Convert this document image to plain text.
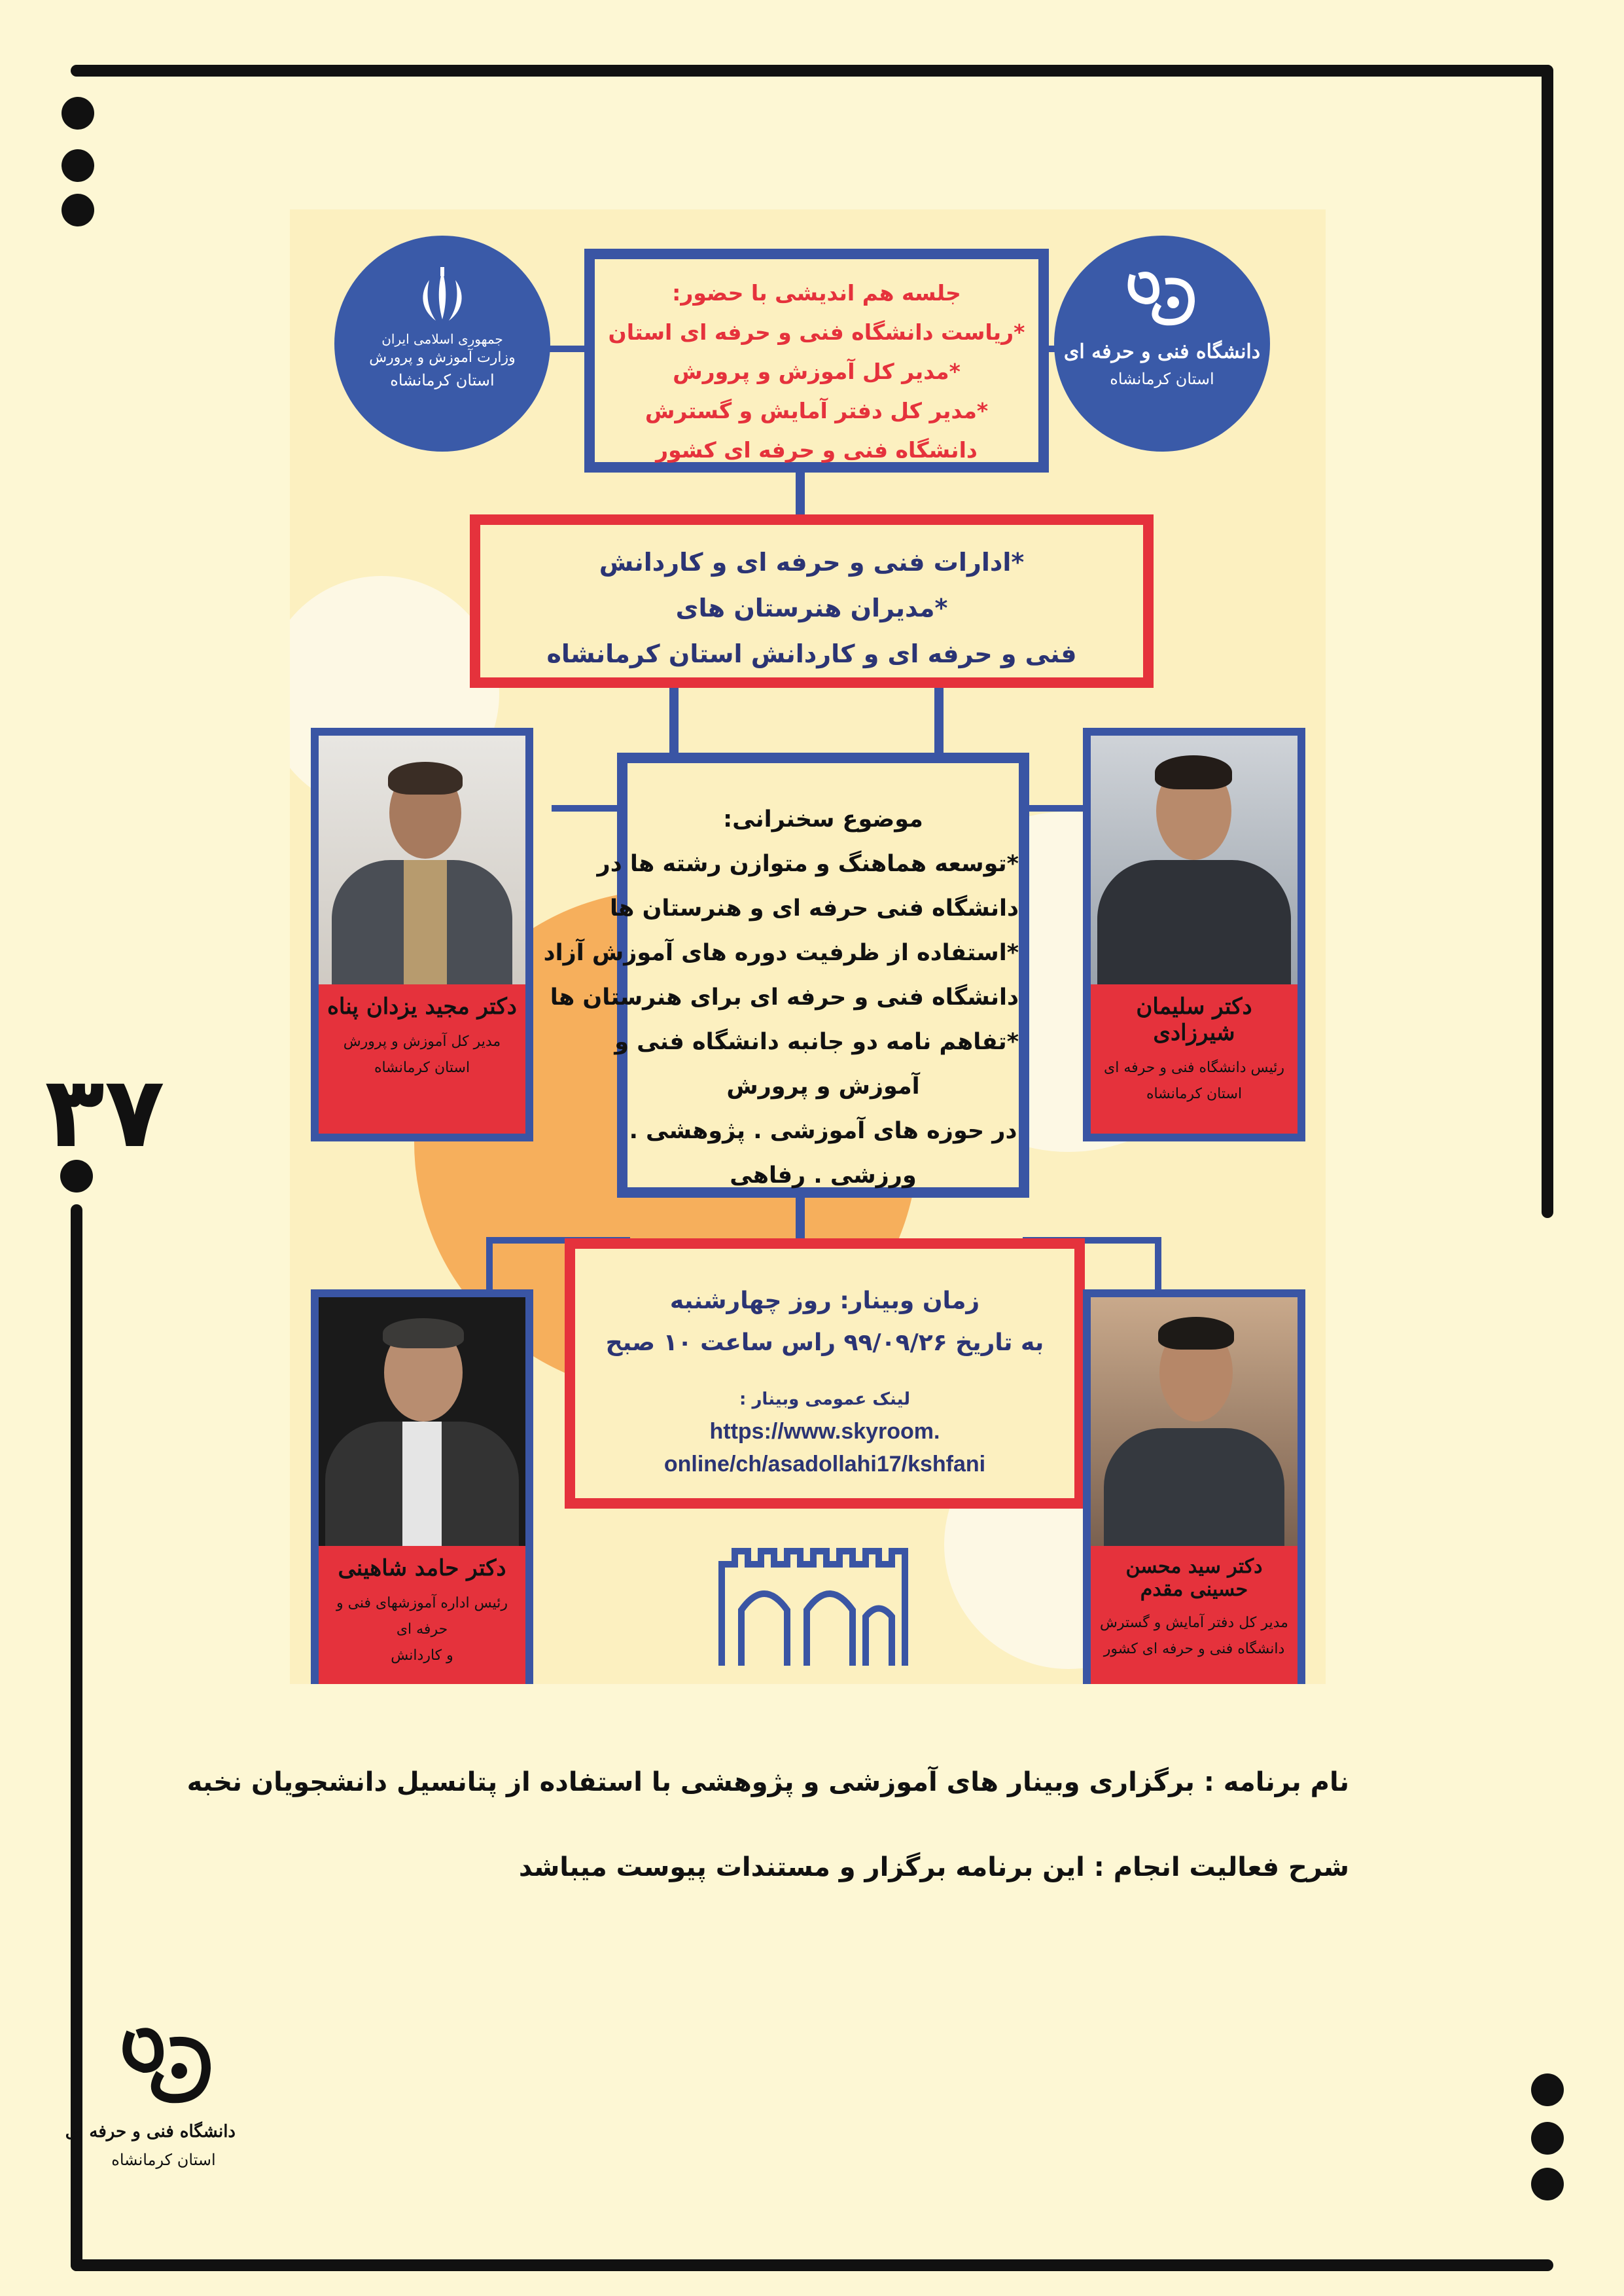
۳۷
جمهوری اسلامی ایران
وزارت آموزش و پرورش
استان کرمانشاه
دانشگاه فنی و حرفه ای
استان کرمانشاه
جلسه هم اندیشی با حضور:
*ریاست دانشگاه فنی و حرفه ای استان
*مدیر کل آموزش و پرورش
*مدیر کل دفتر آمایش و گسترش
دانشگاه فنی و حرفه ای کشور
*ادارات فنی و حرفه ای و کاردانش
*مدیران هنرستان های
فنی و حرفه ای و کاردانش استان کرمانشاه
موضوع سخنرانی:
*توسعه هماهنگ و متوازن رشته ها در
دانشگاه فنی حرفه ای و هنرستان ها
*استفاده از ظرفیت دوره های آموزش آزاد
دانشگاه فنی و حرفه ای برای هنرستان ها
*تفاهم نامه دو جانبه دانشگاه فنی و
آموزش و پرورش
در حوزه های آموزشی . پژوهشی .
ورزشی . رفاهی
زمان وبینار: روز چهارشنبه
به تاریخ ۹۹/۰۹/۲۶ راس ساعت ۱۰ صبح
لینک عمومی وبینار :
https://www.skyroom.
online/ch/asadollahi17/kshfani
دکتر مجید یزدان پناه
مدیر کل آموزش و پرورش
استان کرمانشاه
دکتر سلیمان شیرزادی
رئیس دانشگاه فنی و حرفه ای
استان کرمانشاه
دکتر حامد شاهینی
رئیس اداره آموزشهای فنی و حرفه ای
و کاردانش
دکتر سید محسن حسینی مقدم
مدیر کل دفتر آمایش و گسترش
دانشگاه فنی و حرفه ای کشور
نام برنامه : برگزاری وبینار های آموزشی و پژوهشی با استفاده از پتانسیل دانشجویان نخبه
شرح فعالیت انجام : این برنامه برگزار و مستندات پیوست میباشد
دانشگاه فنی و حرفه ای
استان کرمانشاه
